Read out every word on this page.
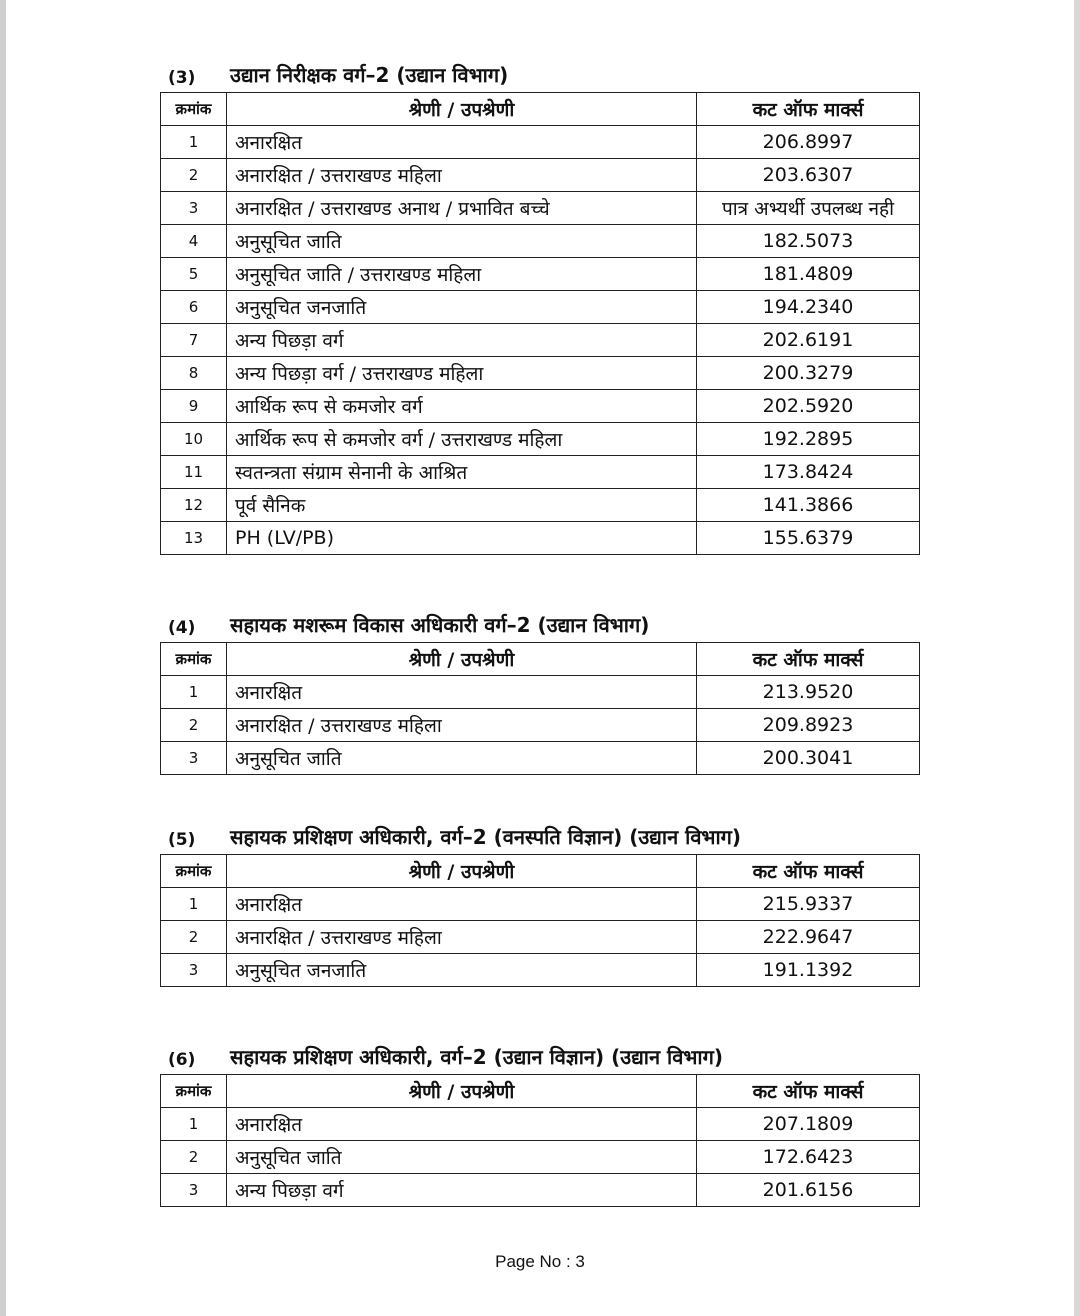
(3)	उद्यान निरीक्षक वर्ग–2 (उद्यान विभाग)
क्रमांक	श्रेणी / उपश्रेणी	कट ऑफ मार्क्स
1	अनारक्षित	206.8997
2	अनारक्षित / उत्तराखण्ड महिला	203.6307
3	अनारक्षित / उत्तराखण्ड अनाथ / प्रभावित बच्चे	पात्र अभ्यर्थी उपलब्ध नही
4	अनुसूचित जाति	182.5073
5	अनुसूचित जाति / उत्तराखण्ड महिला	181.4809
6	अनुसूचित जनजाति	194.2340
7	अन्य पिछड़ा वर्ग	202.6191
8	अन्य पिछड़ा वर्ग / उत्तराखण्ड महिला	200.3279
9	आर्थिक रूप से कमजोर वर्ग	202.5920
10	आर्थिक रूप से कमजोर वर्ग / उत्तराखण्ड महिला	192.2895
11	स्वतन्त्रता संग्राम सेनानी के आश्रित	173.8424
12	पूर्व सैनिक	141.3866
13	PH (LV/PB)	155.6379
(4)	सहायक मशरूम विकास अधिकारी वर्ग–2 (उद्यान विभाग)
क्रमांक	श्रेणी / उपश्रेणी	कट ऑफ मार्क्स
1	अनारक्षित	213.9520
2	अनारक्षित / उत्तराखण्ड महिला	209.8923
3	अनुसूचित जाति	200.3041
(5)	सहायक प्रशिक्षण अधिकारी, वर्ग–2 (वनस्पति विज्ञान) (उद्यान विभाग)
क्रमांक	श्रेणी / उपश्रेणी	कट ऑफ मार्क्स
1	अनारक्षित	215.9337
2	अनारक्षित / उत्तराखण्ड महिला	222.9647
3	अनुसूचित जनजाति	191.1392
(6)	सहायक प्रशिक्षण अधिकारी, वर्ग–2 (उद्यान विज्ञान) (उद्यान विभाग)
क्रमांक	श्रेणी / उपश्रेणी	कट ऑफ मार्क्स
1	अनारक्षित	207.1809
2	अनुसूचित जाति	172.6423
3	अन्य पिछड़ा वर्ग	201.6156
Page No : 3
